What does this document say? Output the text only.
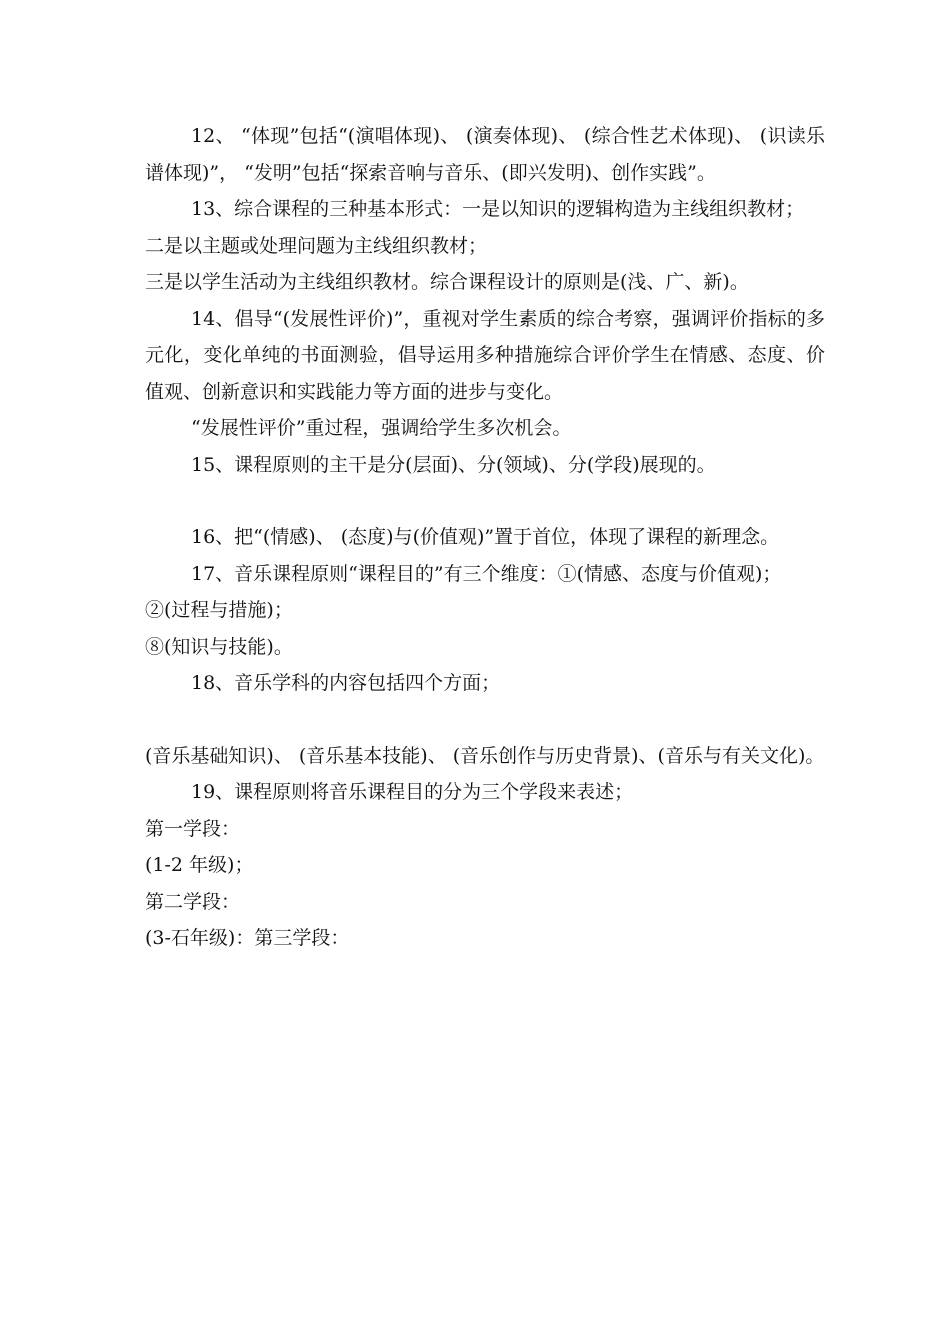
12、 “体现”包括“(演唱体现)、 (演奏体现)、 (综合性艺术体现)、 (识读乐谱体现)”， “发明”包括“探索音响与音乐、(即兴发明)、创作实践”。

13、综合课程的三种基本形式：一是以知识的逻辑构造为主线组织教材；

二是以主题或处理问题为主线组织教材；

三是以学生活动为主线组织教材。综合课程设计的原则是(浅、广、新)。

14、倡导“(发展性评价)”，重视对学生素质的综合考察，强调评价指标的多元化，变化单纯的书面测验，倡导运用多种措施综合评价学生在情感、态度、价值观、创新意识和实践能力等方面的进步与变化。

“发展性评价”重过程，强调给学生多次机会。

15、课程原则的主干是分(层面)、分(领域)、分(学段)展现的。

16、把“(情感)、 (态度)与(价值观)”置于首位，体现了课程的新理念。

17、音乐课程原则“课程目的”有三个维度：①(情感、态度与价值观)；

②(过程与措施)；

⑧(知识与技能)。

18、音乐学科的内容包括四个方面；

(音乐基础知识)、 (音乐基本技能)、 (音乐创作与历史背景)、(音乐与有关文化)。

19、课程原则将音乐课程目的分为三个学段来表述；

第一学段：

(1-2 年级)；

第二学段：

(3-石年级)：第三学段：
